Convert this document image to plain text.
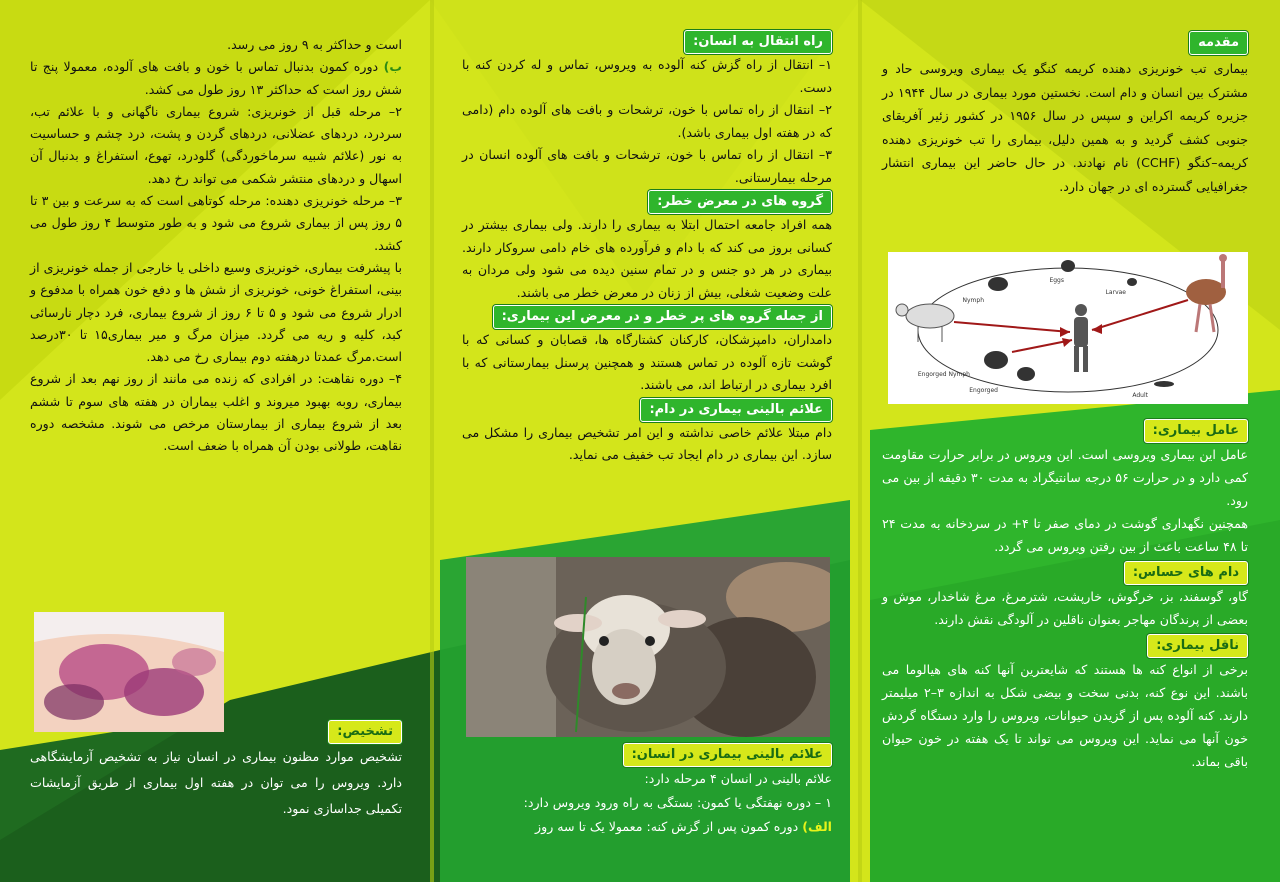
مقدمه

بیماری تب خونریزی دهنده کریمه کنگو یک بیماری ویروسی حاد و مشترک بین انسان و دام است. نخستین مورد بیماری در سال ۱۹۴۴ در جزیره کریمه اکراین و سپس در سال ۱۹۵۶ در کشور زئیر آفریقای جنوبی کشف گردید و به همین دلیل، بیماری را تب خونریزی دهنده کریمه–کنگو (CCHF) نام نهادند. در حال حاضر این بیماری انتشار جغرافیایی گسترده ای در جهان دارد.

Eggs
Larvae
Nymph
Engorged Nymph
Engorged
Adult
عامل بیماری:

عامل این بیماری ویروسی است. این ویروس در برابر حرارت مقاومت کمی دارد و در حرارت ۵۶ درجه سانتیگراد به مدت ۳۰ دقیقه از بین می رود.

همچنین نگهداری گوشت در دمای صفر تا ۴+ در سردخانه به مدت ۲۴ تا ۴۸ ساعت باعث از بین رفتن ویروس می گردد.

دام های حساس:

گاو، گوسفند، بز، خرگوش، خارپشت، شترمرغ، مرغ شاخدار، موش و بعضی از پرندگان مهاجر بعنوان ناقلین در آلودگی نقش دارند.

ناقل بیماری:

برخی از انواع کنه ها هستند که شایعترین آنها کنه های هیالوما می باشند. این نوع کنه، بدنی سخت و بیضی شکل به اندازه ۳–۲ میلیمتر دارند. کنه آلوده پس از گزیدن حیوانات، ویروس را وارد دستگاه گردش خون آنها می نماید. این ویروس می تواند تا یک هفته در خون حیوان باقی بماند.

راه انتقال به انسان:

۱– انتقال از راه گزش کنه آلوده به ویروس، تماس و له کردن کنه با دست.

۲– انتقال از راه تماس با خون، ترشحات و بافت های آلوده دام (دامی که در هفته اول بیماری باشد).

۳– انتقال از راه تماس با خون، ترشحات و بافت های آلوده انسان در مرحله بیمارستانی.

گروه های در معرض خطر:

همه افراد جامعه احتمال ابتلا به بیماری را دارند. ولی بیماری بیشتر در کسانی بروز می کند که با دام و فرآورده های خام دامی سروکار دارند. بیماری در هر دو جنس و در تمام سنین دیده می شود ولی مردان به علت وضعیت شغلی، بیش از زنان در معرض خطر می باشند.

از جمله گروه های پر خطر و در معرض این بیماری:

دامداران، دامپزشکان، کارکنان کشتارگاه ها، قصابان و کسانی که با گوشت تازه آلوده در تماس هستند و همچنین پرسنل بیمارستانی که با افرد بیماری در ارتباط اند، می باشند.

علائم بالینی بیماری در دام:

دام مبتلا علائم خاصی نداشته و این امر تشخیص بیماری را مشکل می سازد. این بیماری در دام ایجاد تب خفیف می نماید.

علائم بالینی بیماری در انسان:

علائم بالینی در انسان ۴ مرحله دارد:

۱ – دوره نهفتگی یا کمون: بستگی به راه ورود ویروس دارد:

الف) دوره کمون پس از گزش کنه: معمولا یک تا سه روز

است و حداکثر به ۹ روز می رسد.

ب) دوره کمون بدنبال تماس با خون و بافت های آلوده، معمولا پنج تا شش روز است که حداکثر ۱۳ روز طول می کشد.

۲– مرحله قبل از خونریزی: شروع بیماری ناگهانی و با علائم تب، سردرد، دردهای عضلانی، دردهای گردن و پشت، درد چشم و حساسیت به نور (علائم شبیه سرماخوردگی) گلودرد، تهوع، استفراغ و بدنبال آن اسهال و دردهای منتشر شکمی می تواند رخ دهد.

۳– مرحله خونریزی دهنده: مرحله کوتاهی است که به سرعت و بین ۳ تا ۵ روز پس از بیماری شروع می شود و به طور متوسط ۴ روز طول می کشد.

با پیشرفت بیماری، خونریزی وسیع داخلی یا خارجی از جمله خونریزی از بینی، استفراغ خونی، خونریزی از شش ها و دفع خون همراه با مدفوع و ادرار شروع می شود و ۵ تا ۶ روز از شروع بیماری، فرد دچار نارسائی کبد، کلیه و ریه می گردد. میزان مرگ و میر بیماری۱۵ تا ۳۰درصد است.مرگ عمدتا درهفته دوم بیماری رخ می دهد.

۴– دوره نقاهت: در افرادی که زنده می مانند از روز نهم بعد از شروع بیماری، روبه بهبود میروند و اغلب بیماران در هفته های سوم تا ششم بعد از شروع بیماری از بیمارستان مرخص می شوند. مشخصه دوره نقاهت، طولانی بودن آن همراه با ضعف است.

تشخیص:

تشخیص موارد مظنون بیماری در انسان نیاز به تشخیص آزمایشگاهی دارد. ویروس را می توان در هفته اول بیماری از طریق آزمایشات تکمیلی جداسازی نمود.
